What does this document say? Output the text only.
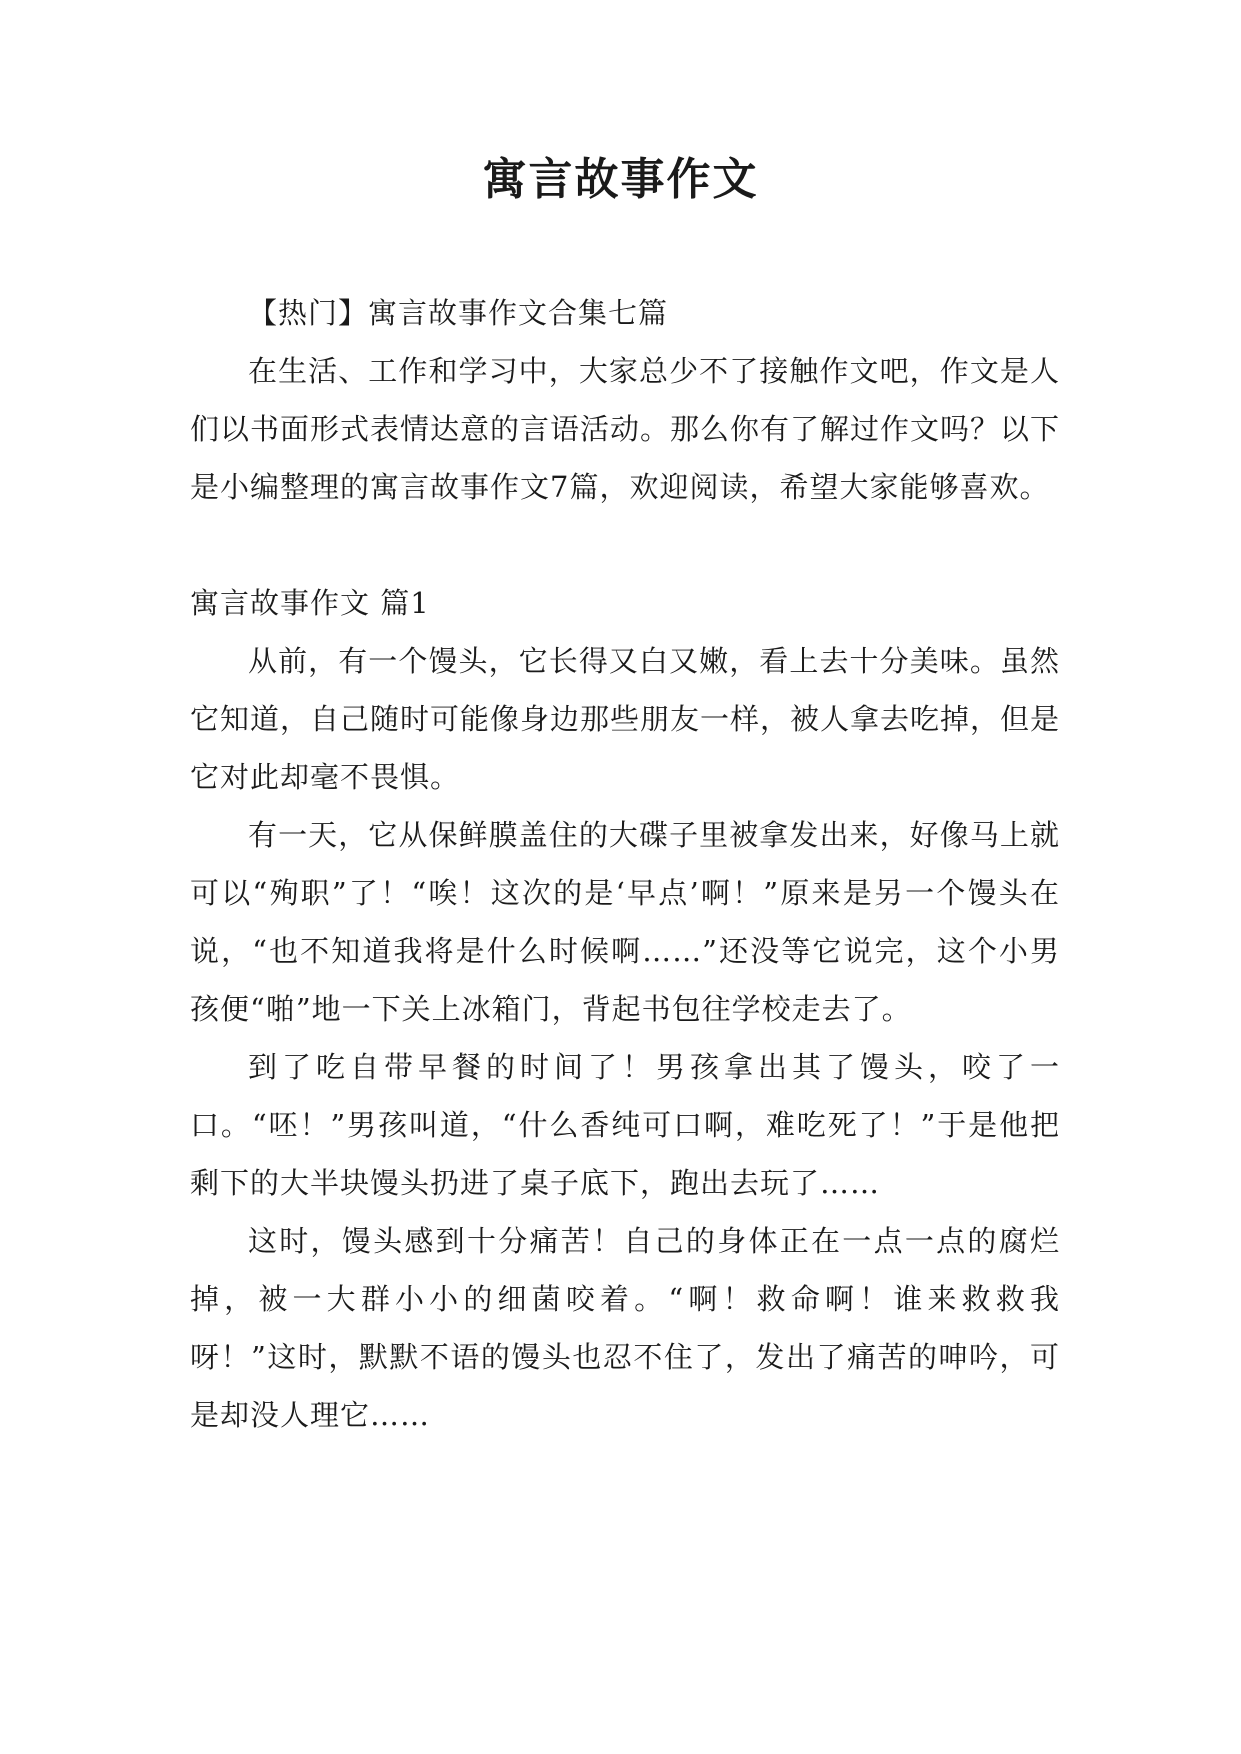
寓言故事作文

【热门】寓言故事作文合集七篇

在生活、工作和学习中，大家总少不了接触作文吧，作文是人们以书面形式表情达意的言语活动。那么你有了解过作文吗？以下是小编整理的寓言故事作文7篇，欢迎阅读，希望大家能够喜欢。

寓言故事作文 篇1

从前，有一个馒头，它长得又白又嫩，看上去十分美味。虽然它知道，自己随时可能像身边那些朋友一样，被人拿去吃掉，但是它对此却毫不畏惧。

有一天，它从保鲜膜盖住的大碟子里被拿发出来，好像马上就可以“殉职”了！“唉！这次的是‘早点’啊！”原来是另一个馒头在说，“也不知道我将是什么时候啊……”还没等它说完，这个小男孩便“啪”地一下关上冰箱门，背起书包往学校走去了。

到了吃自带早餐的时间了！男孩拿出其了馒头，咬了一口。“呸！”男孩叫道，“什么香纯可口啊，难吃死了！”于是他把剩下的大半块馒头扔进了桌子底下，跑出去玩了……

这时，馒头感到十分痛苦！自己的身体正在一点一点的腐烂掉，被一大群小小的细菌咬着。“啊！救命啊！谁来救救我呀！”这时，默默不语的馒头也忍不住了，发出了痛苦的呻吟，可是却没人理它……
